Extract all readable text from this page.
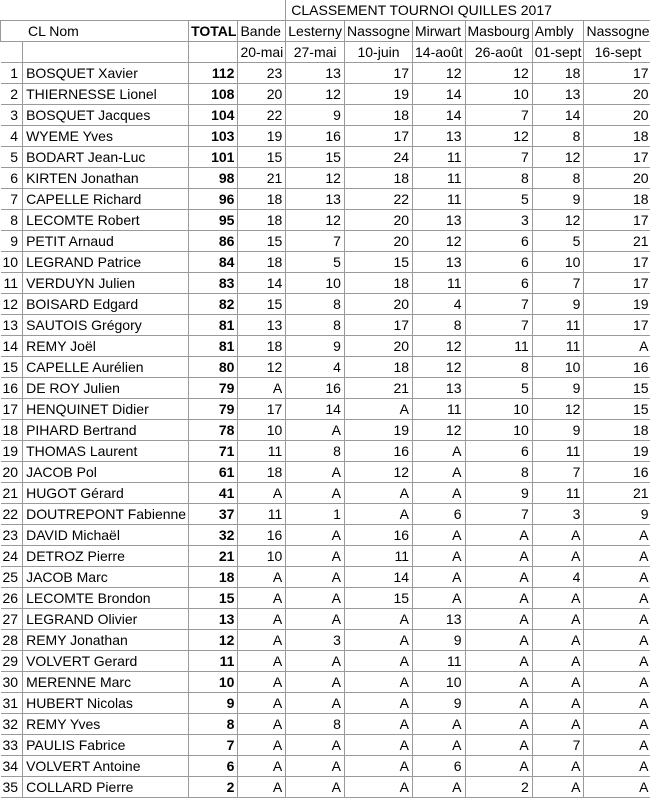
				CLASSEMENT TOURNOI QUILLES 2017					
CL Nom		TOTAL	Bande	Lesterny	Nassogne	Mirwart	Masbourg	Ambly	Nassogne
			20-mai	27-mai	10-juin	14-août	26-août	01-sept	16-sept
1	BOSQUET Xavier	112	23	13	17	12	12	18	17
2	THIERNESSE Lionel	108	20	12	19	14	10	13	20
3	BOSQUET Jacques	104	22	9	18	14	7	14	20
4	WYEME Yves	103	19	16	17	13	12	8	18
5	BODART Jean-Luc	101	15	15	24	11	7	12	17
6	KIRTEN Jonathan	98	21	12	18	11	8	8	20
7	CAPELLE Richard	96	18	13	22	11	5	9	18
8	LECOMTE Robert	95	18	12	20	13	3	12	17
9	PETIT Arnaud	86	15	7	20	12	6	5	21
10	LEGRAND Patrice	84	18	5	15	13	6	10	17
11	VERDUYN Julien	83	14	10	18	11	6	7	17
12	BOISARD Edgard	82	15	8	20	4	7	9	19
13	SAUTOIS Grégory	81	13	8	17	8	7	11	17
14	REMY Joël	81	18	9	20	12	11	11	A
15	CAPELLE Aurélien	80	12	4	18	12	8	10	16
16	DE ROY Julien	79	A	16	21	13	5	9	15
17	HENQUINET Didier	79	17	14	A	11	10	12	15
18	PIHARD Bertrand	78	10	A	19	12	10	9	18
19	THOMAS Laurent	71	11	8	16	A	6	11	19
20	JACOB Pol	61	18	A	12	A	8	7	16
21	HUGOT Gérard	41	A	A	A	A	9	11	21
22	DOUTREPONT Fabienne	37	11	1	A	6	7	3	9
23	DAVID Michaël	32	16	A	16	A	A	A	A
24	DETROZ Pierre	21	10	A	11	A	A	A	A
25	JACOB Marc	18	A	A	14	A	A	4	A
26	LECOMTE Brondon	15	A	A	15	A	A	A	A
27	LEGRAND Olivier	13	A	A	A	13	A	A	A
28	REMY Jonathan	12	A	3	A	9	A	A	A
29	VOLVERT Gerard	11	A	A	A	11	A	A	A
30	MERENNE Marc	10	A	A	A	10	A	A	A
31	HUBERT Nicolas	9	A	A	A	9	A	A	A
32	REMY Yves	8	A	8	A	A	A	A	A
33	PAULIS Fabrice	7	A	A	A	A	A	7	A
34	VOLVERT Antoine	6	A	A	A	6	A	A	A
35	COLLARD Pierre	2	A	A	A	A	2	A	A
